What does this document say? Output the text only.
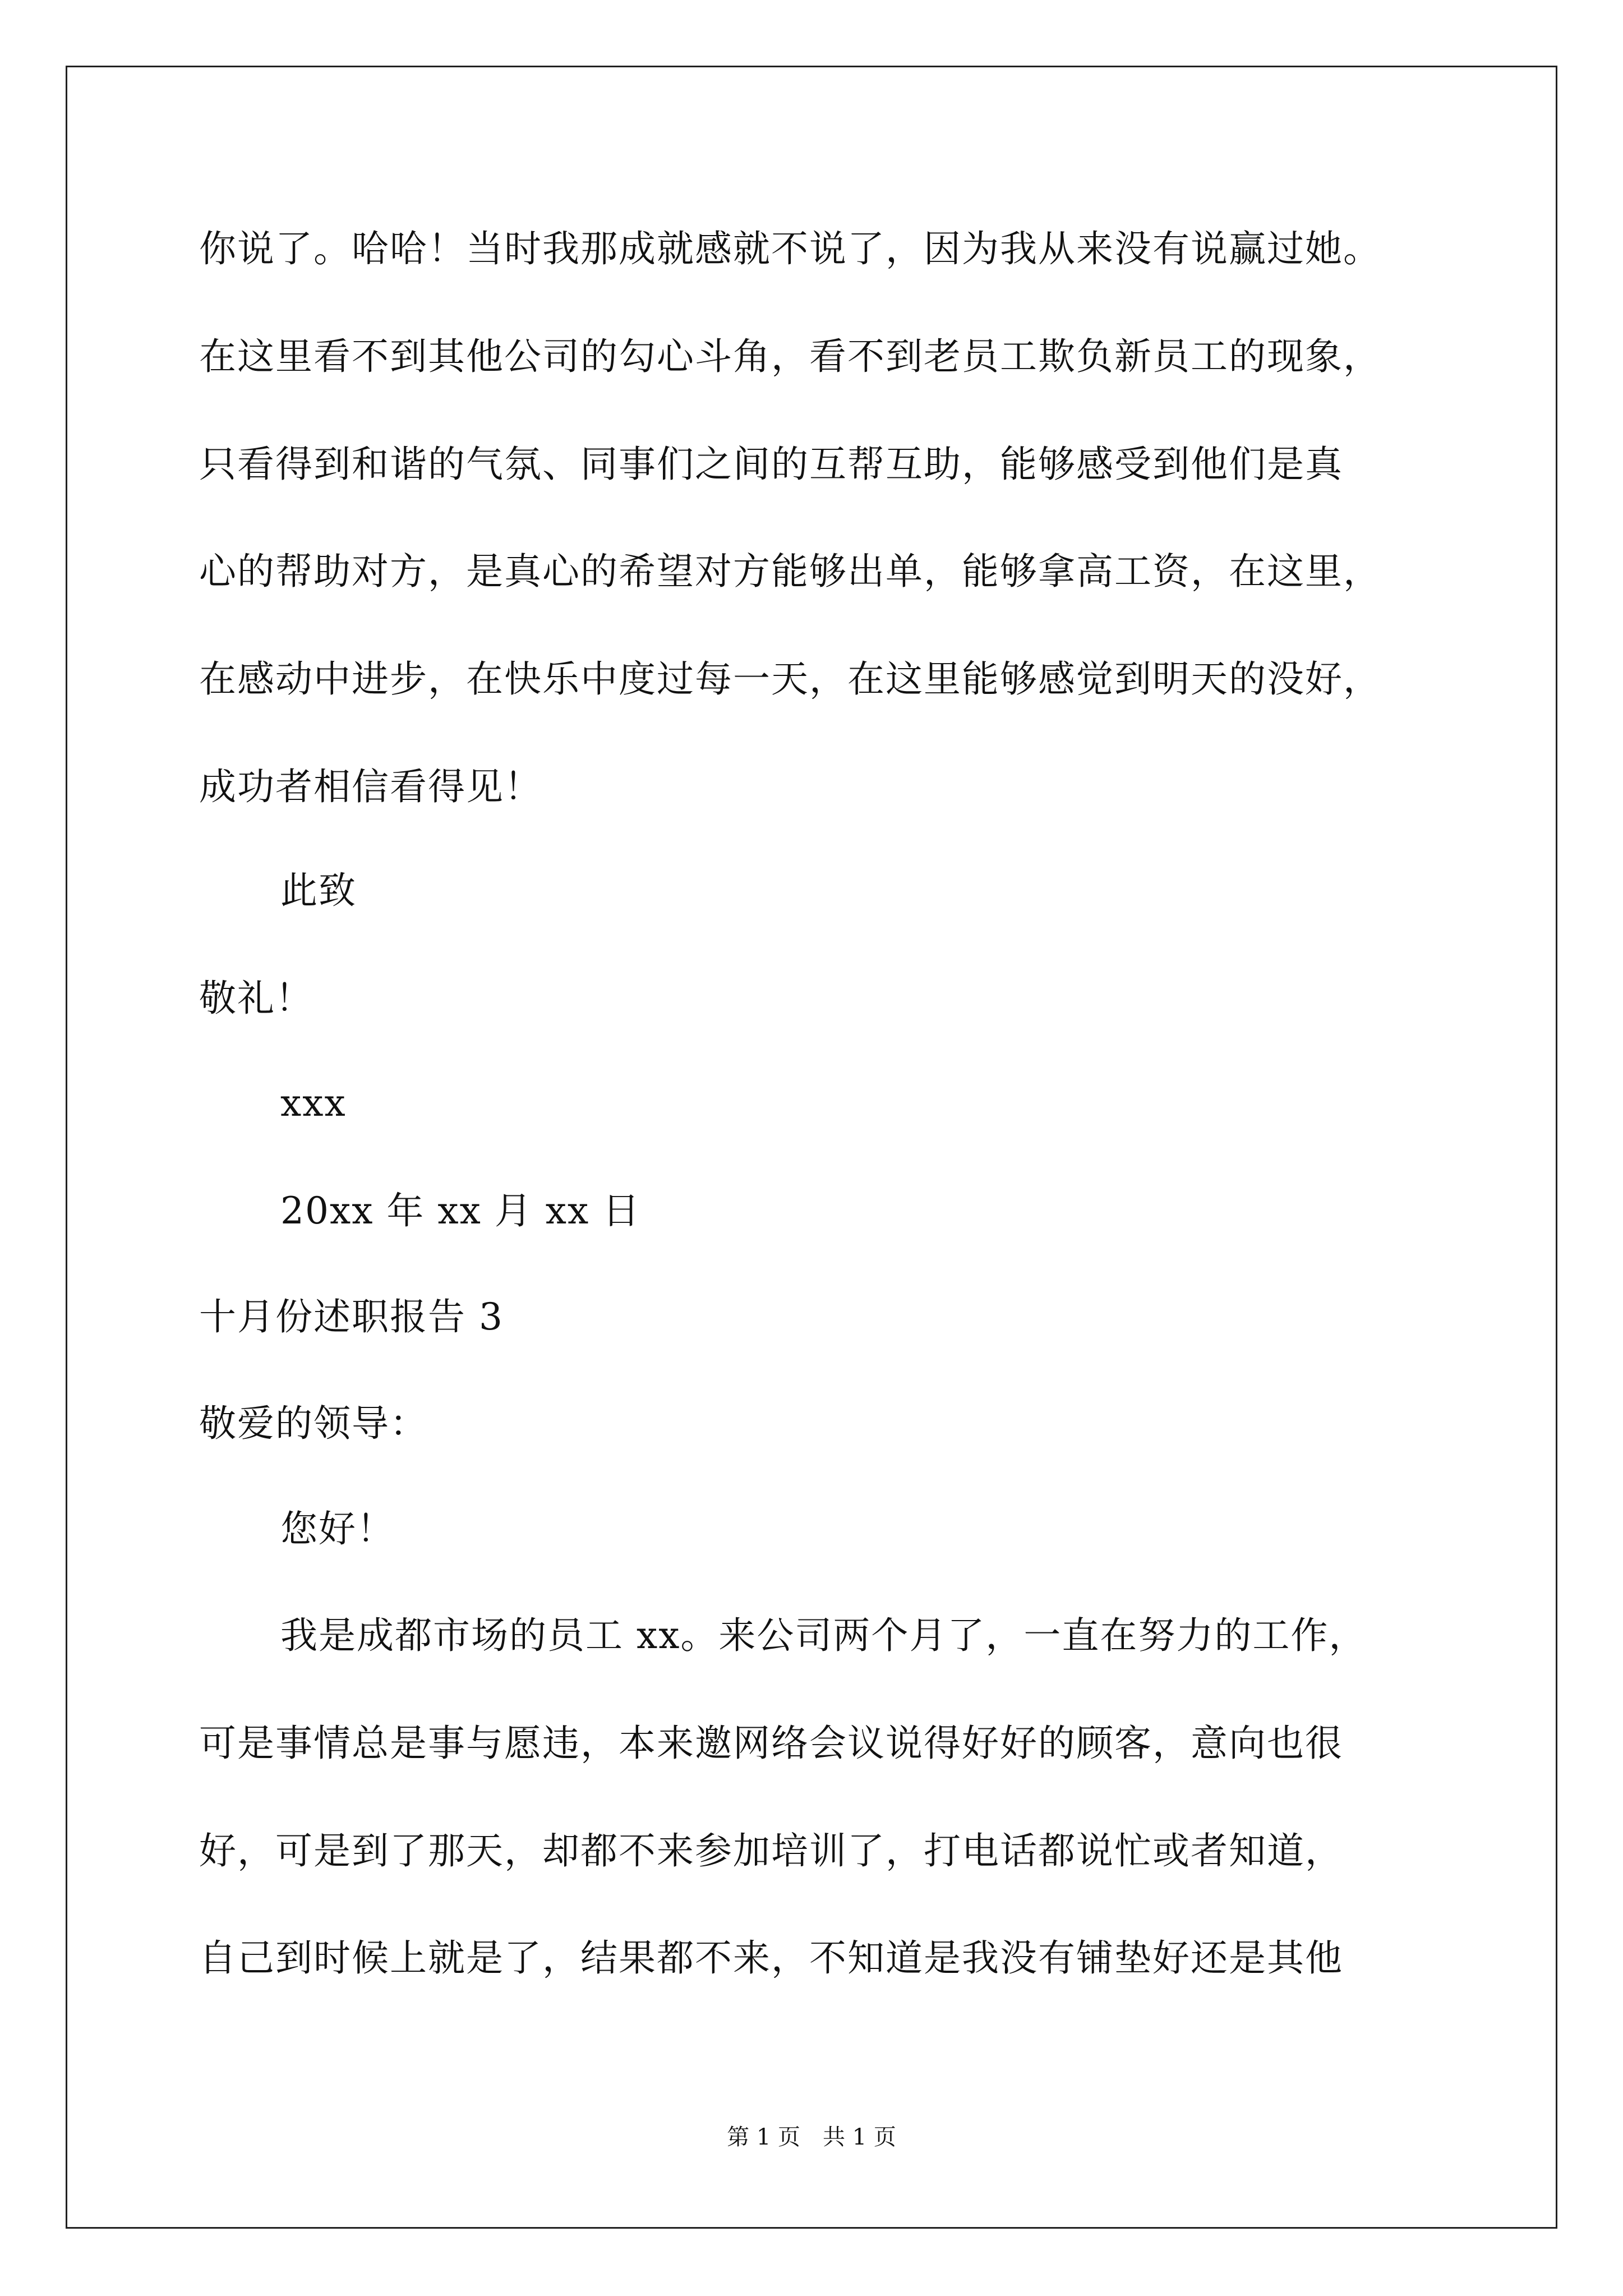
你说了。哈哈！当时我那成就感就不说了，因为我从来没有说赢过她。
在这里看不到其他公司的勾心斗角，看不到老员工欺负新员工的现象，
只看得到和谐的气氛、同事们之间的互帮互助，能够感受到他们是真
心的帮助对方，是真心的希望对方能够出单，能够拿高工资，在这里，
在感动中进步，在快乐中度过每一天，在这里能够感觉到明天的没好，
成功者相信看得见！
此致
敬礼！
xxx
20xx 年 xx 月 xx 日
十月份述职报告 3
敬爱的领导：
您好！
我是成都市场的员工 xx。来公司两个月了，一直在努力的工作，
可是事情总是事与愿违，本来邀网络会议说得好好的顾客，意向也很
好，可是到了那天，却都不来参加培训了，打电话都说忙或者知道，
自己到时候上就是了，结果都不来，不知道是我没有铺垫好还是其他
第 1 页　共 1 页
